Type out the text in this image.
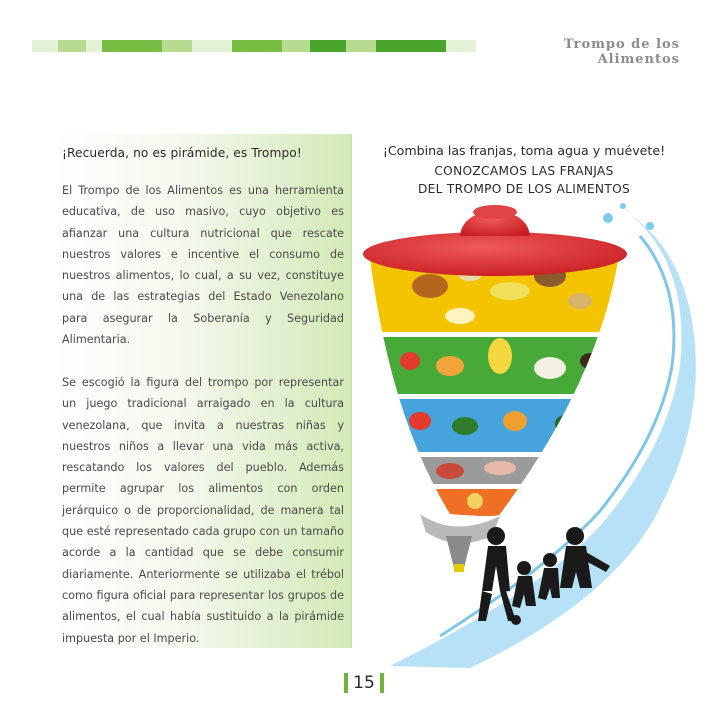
Trompo de los Alimentos
¡Recuerda, no es pirámide, es Trompo!

El Trompo de los Alimentos es una herramienta educativa, de uso masivo, cuyo objetivo es afianzar una cultura nutricional que rescate nuestros valores e incentive el consumo de nuestros alimentos, lo cual, a su vez, constituye una de las estrategias del Estado Venezolano para asegurar la Soberanía y Seguridad Alimentaria.

Se escogió la figura del trompo por representar un juego tradicional arraigado en la cultura venezolana, que invita a nuestras niñas y nuestros niños a llevar una vida más activa, rescatando los valores del pueblo. Además permite agrupar los alimentos con orden jerárquico o de proporcionalidad, de manera tal que esté representado cada grupo con un tamaño acorde a la cantidad que se debe consumir diariamente. Anteriormente se utilizaba el trébol como figura oficial para representar los grupos de alimentos, el cual había sustituido a la pirámide impuesta por el Imperio.

¡Combina las franjas, toma agua y muévete!
CONOZCAMOS LAS FRANJAS
DEL TROMPO DE LOS ALIMENTOS
15
